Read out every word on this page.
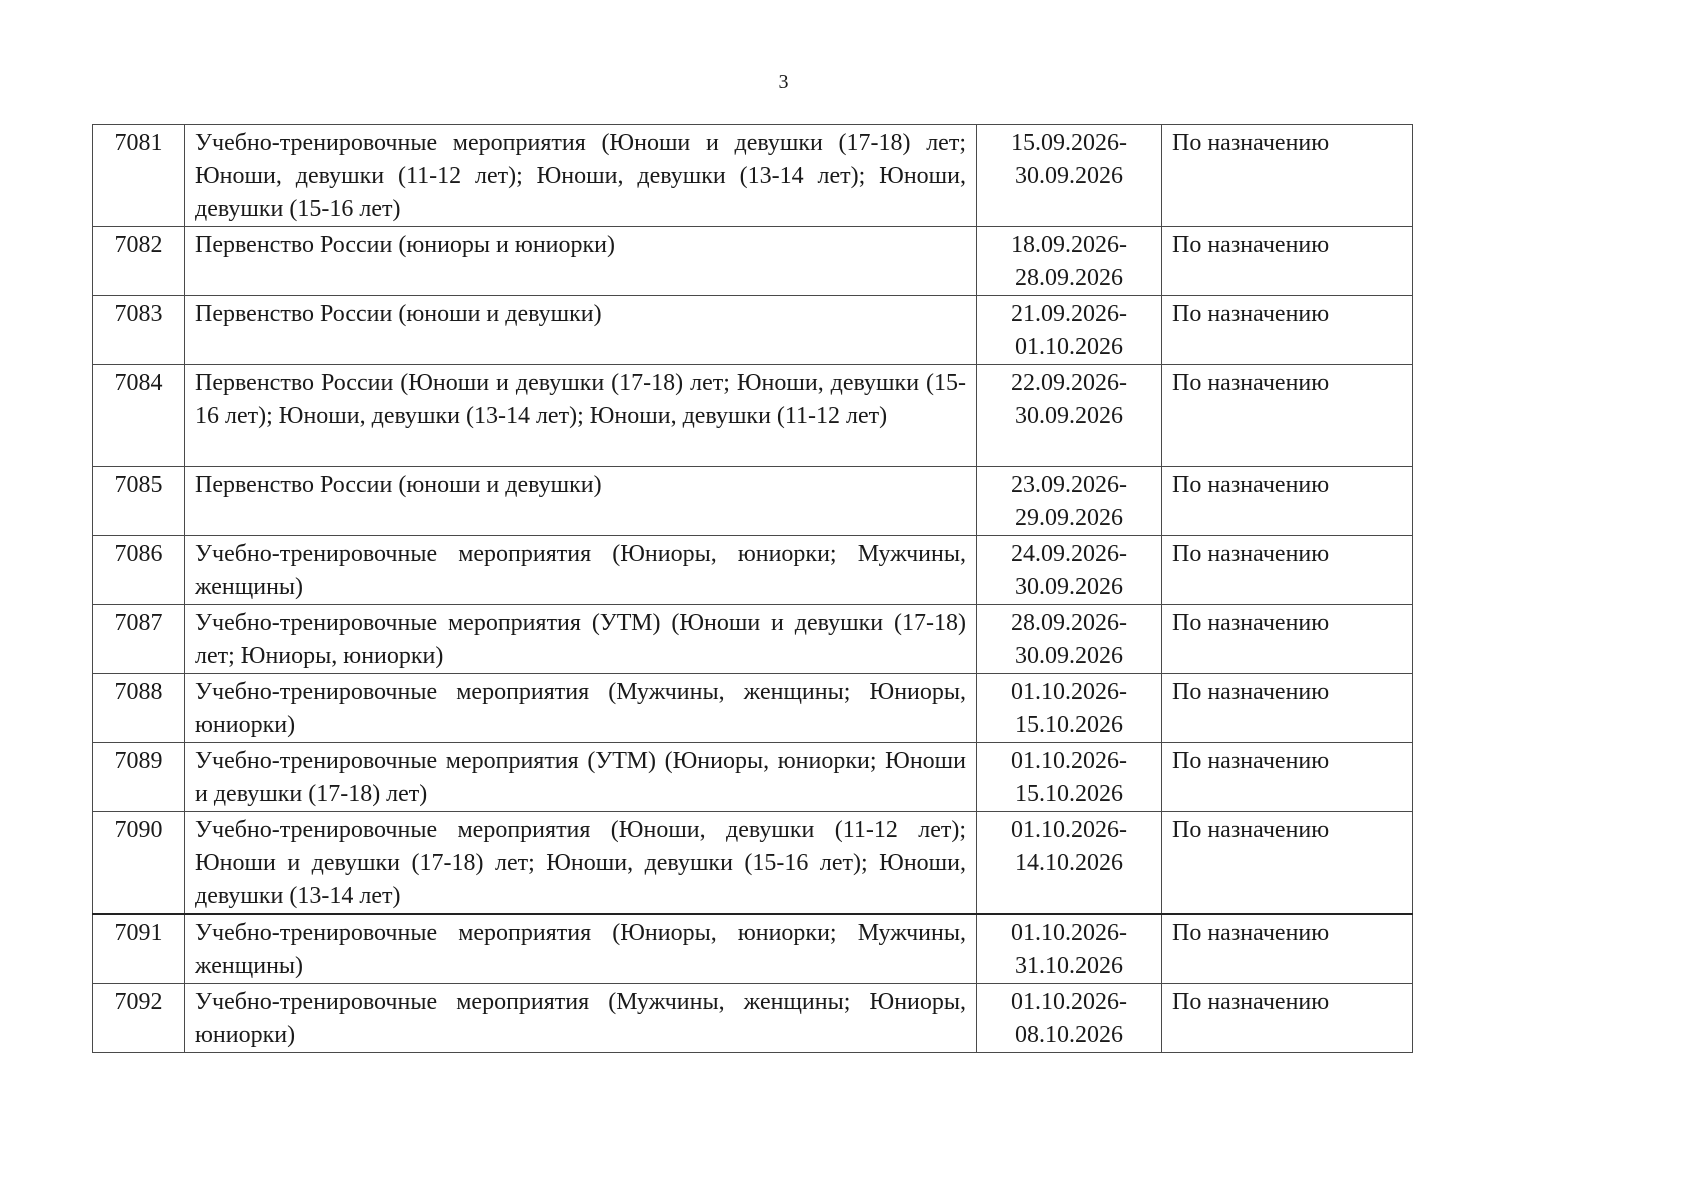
3
7081	Учебно-тренировочные мероприятия (Юноши и девушки (17-18) лет; Юноши, девушки (11-12 лет); Юноши, девушки (13-14 лет); Юноши, девушки (15-16 лет)	15.09.2026-
30.09.2026	По назначению
7082	Первенство России (юниоры и юниорки)	18.09.2026-
28.09.2026	По назначению
7083	Первенство России (юноши и девушки)	21.09.2026-
01.10.2026	По назначению
7084	Первенство России (Юноши и девушки (17-18) лет; Юноши, девушки (15-16 лет); Юноши, девушки (13-14 лет); Юноши, девушки (11-12 лет)	22.09.2026-
30.09.2026	По назначению
7085	Первенство России (юноши и девушки)	23.09.2026-
29.09.2026	По назначению
7086	Учебно-тренировочные мероприятия (Юниоры, юниорки; Мужчины, женщины)	24.09.2026-
30.09.2026	По назначению
7087	Учебно-тренировочные мероприятия (УТМ) (Юноши и девушки (17-18) лет; Юниоры, юниорки)	28.09.2026-
30.09.2026	По назначению
7088	Учебно-тренировочные мероприятия (Мужчины, женщины; Юниоры, юниорки)	01.10.2026-
15.10.2026	По назначению
7089	Учебно-тренировочные мероприятия (УТМ) (Юниоры, юниорки; Юноши и девушки (17-18) лет)	01.10.2026-
15.10.2026	По назначению
7090	Учебно-тренировочные мероприятия (Юноши, девушки (11-12 лет); Юноши и девушки (17-18) лет; Юноши, девушки (15-16 лет); Юноши, девушки (13-14 лет)	01.10.2026-
14.10.2026	По назначению
7091	Учебно-тренировочные мероприятия (Юниоры, юниорки; Мужчины, женщины)	01.10.2026-
31.10.2026	По назначению
7092	Учебно-тренировочные мероприятия (Мужчины, женщины; Юниоры, юниорки)	01.10.2026-
08.10.2026	По назначению
